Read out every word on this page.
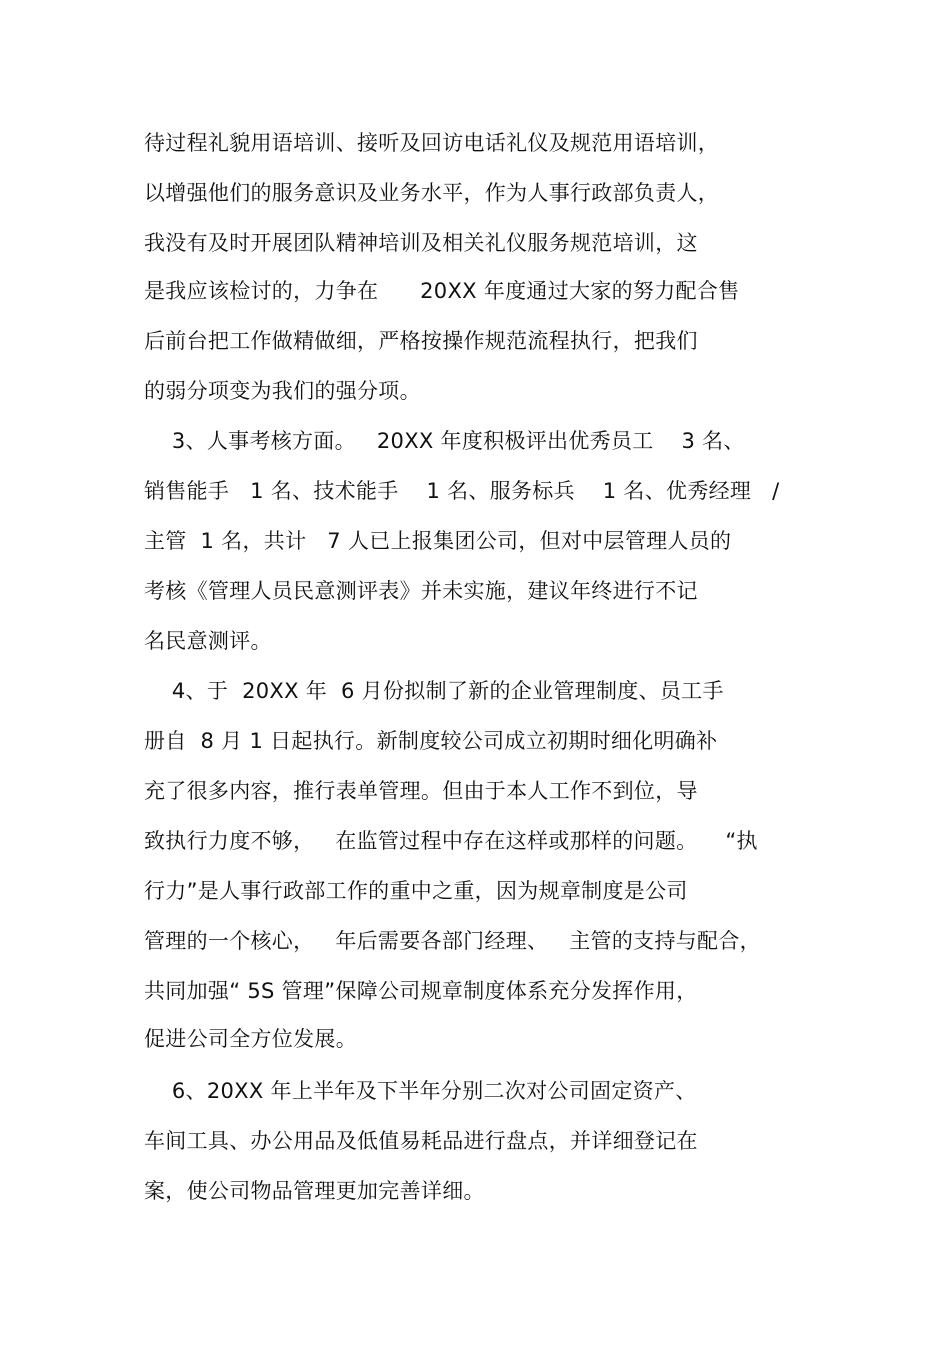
待过程礼貌用语培训、接听及回访电话礼仪及规范用语培训，
以增强他们的服务意识及业务水平，作为人事行政部负责人，
我没有及时开展团队精神培训及相关礼仪服务规范培训，这
是我应该检讨的，力争在      20XX 年度通过大家的努力配合售
后前台把工作做精做细，严格按操作规范流程执行，把我们
的弱分项变为我们的强分项。
3、人事考核方面。   20XX 年度积极评出优秀员工    3 名、
销售能手   1 名、技术能手    1 名、服务标兵    1 名、优秀经理   /
主管  1 名，共计   7 人已上报集团公司，但对中层管理人员的
考核《管理人员民意测评表》并未实施，建议年终进行不记
名民意测评。
4、于  20XX 年  6 月份拟制了新的企业管理制度、员工手
册自  8 月 1 日起执行。新制度较公司成立初期时细化明确补
充了很多内容，推行表单管理。但由于本人工作不到位，导
致执行力度不够，   在监管过程中存在这样或那样的问题。    “执
行力”是人事行政部工作的重中之重，因为规章制度是公司
管理的一个核心，   年后需要各部门经理、   主管的支持与配合，
共同加强“ 5S 管理”保障公司规章制度体系充分发挥作用，
促进公司全方位发展。
6、20XX 年上半年及下半年分别二次对公司固定资产、
车间工具、办公用品及低值易耗品进行盘点，并详细登记在
案，使公司物品管理更加完善详细。
